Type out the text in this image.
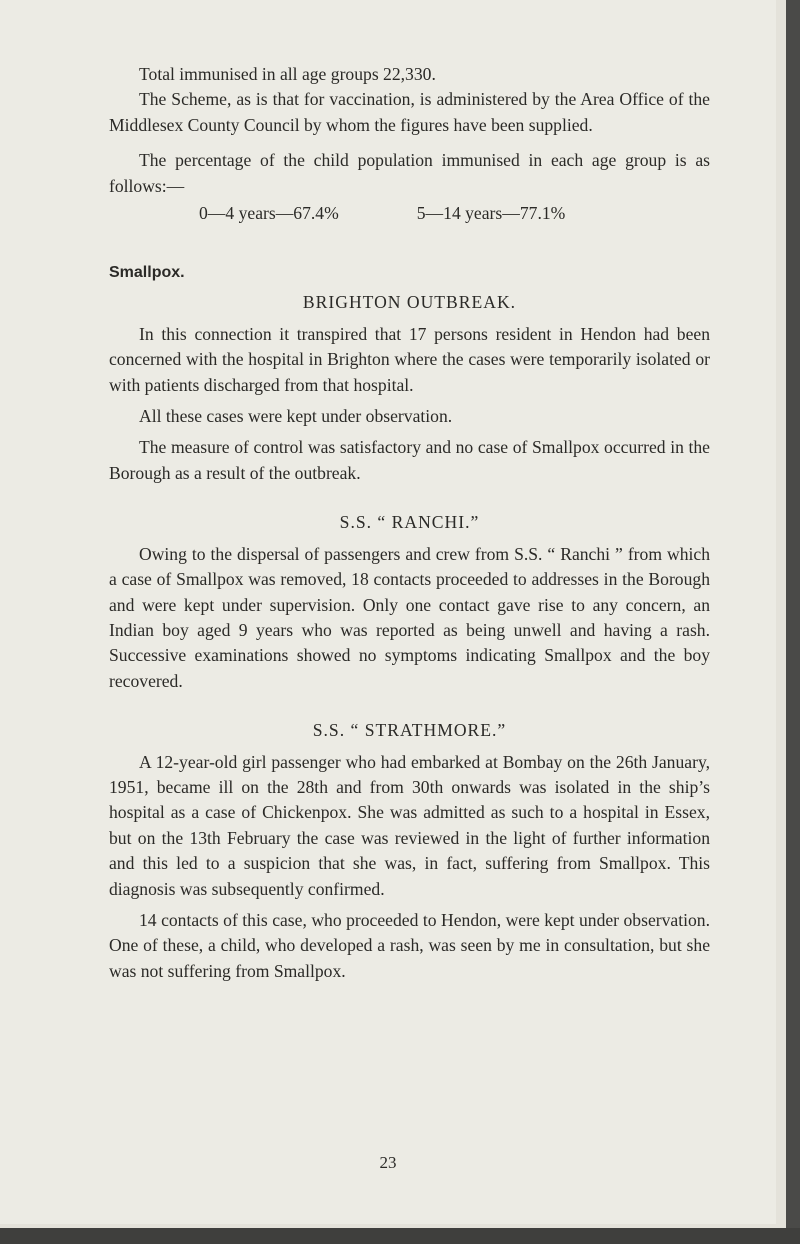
Total immunised in all age groups 22,330.

The Scheme, as is that for vaccination, is administered by the Area Office of the Middlesex County Council by whom the figures have been supplied.

The percentage of the child population immunised in each age group is as follows:—

0—4 years—67.4%	5—14 years—77.1%
Smallpox.
BRIGHTON OUTBREAK.

In this connection it transpired that 17 persons resident in Hendon had been concerned with the hospital in Brighton where the cases were temporarily isolated or with patients discharged from that hospital.

All these cases were kept under observation.

The measure of control was satisfactory and no case of Smallpox occurred in the Borough as a result of the outbreak.

S.S. “ RANCHI.”

Owing to the dispersal of passengers and crew from S.S. “ Ranchi ” from which a case of Smallpox was removed, 18 contacts proceeded to addresses in the Borough and were kept under supervision. Only one contact gave rise to any concern, an Indian boy aged 9 years who was reported as being unwell and having a rash. Successive examinations showed no symptoms indicating Smallpox and the boy recovered.

S.S. “ STRATHMORE.”

A 12-year-old girl passenger who had embarked at Bombay on the 26th January, 1951, became ill on the 28th and from 30th onwards was isolated in the ship’s hospital as a case of Chickenpox. She was admitted as such to a hospital in Essex, but on the 13th February the case was reviewed in the light of further information and this led to a suspicion that she was, in fact, suffering from Smallpox. This diagnosis was subsequently confirmed.

14 contacts of this case, who proceeded to Hendon, were kept under observation. One of these, a child, who developed a rash, was seen by me in consultation, but she was not suffering from Smallpox.

23
